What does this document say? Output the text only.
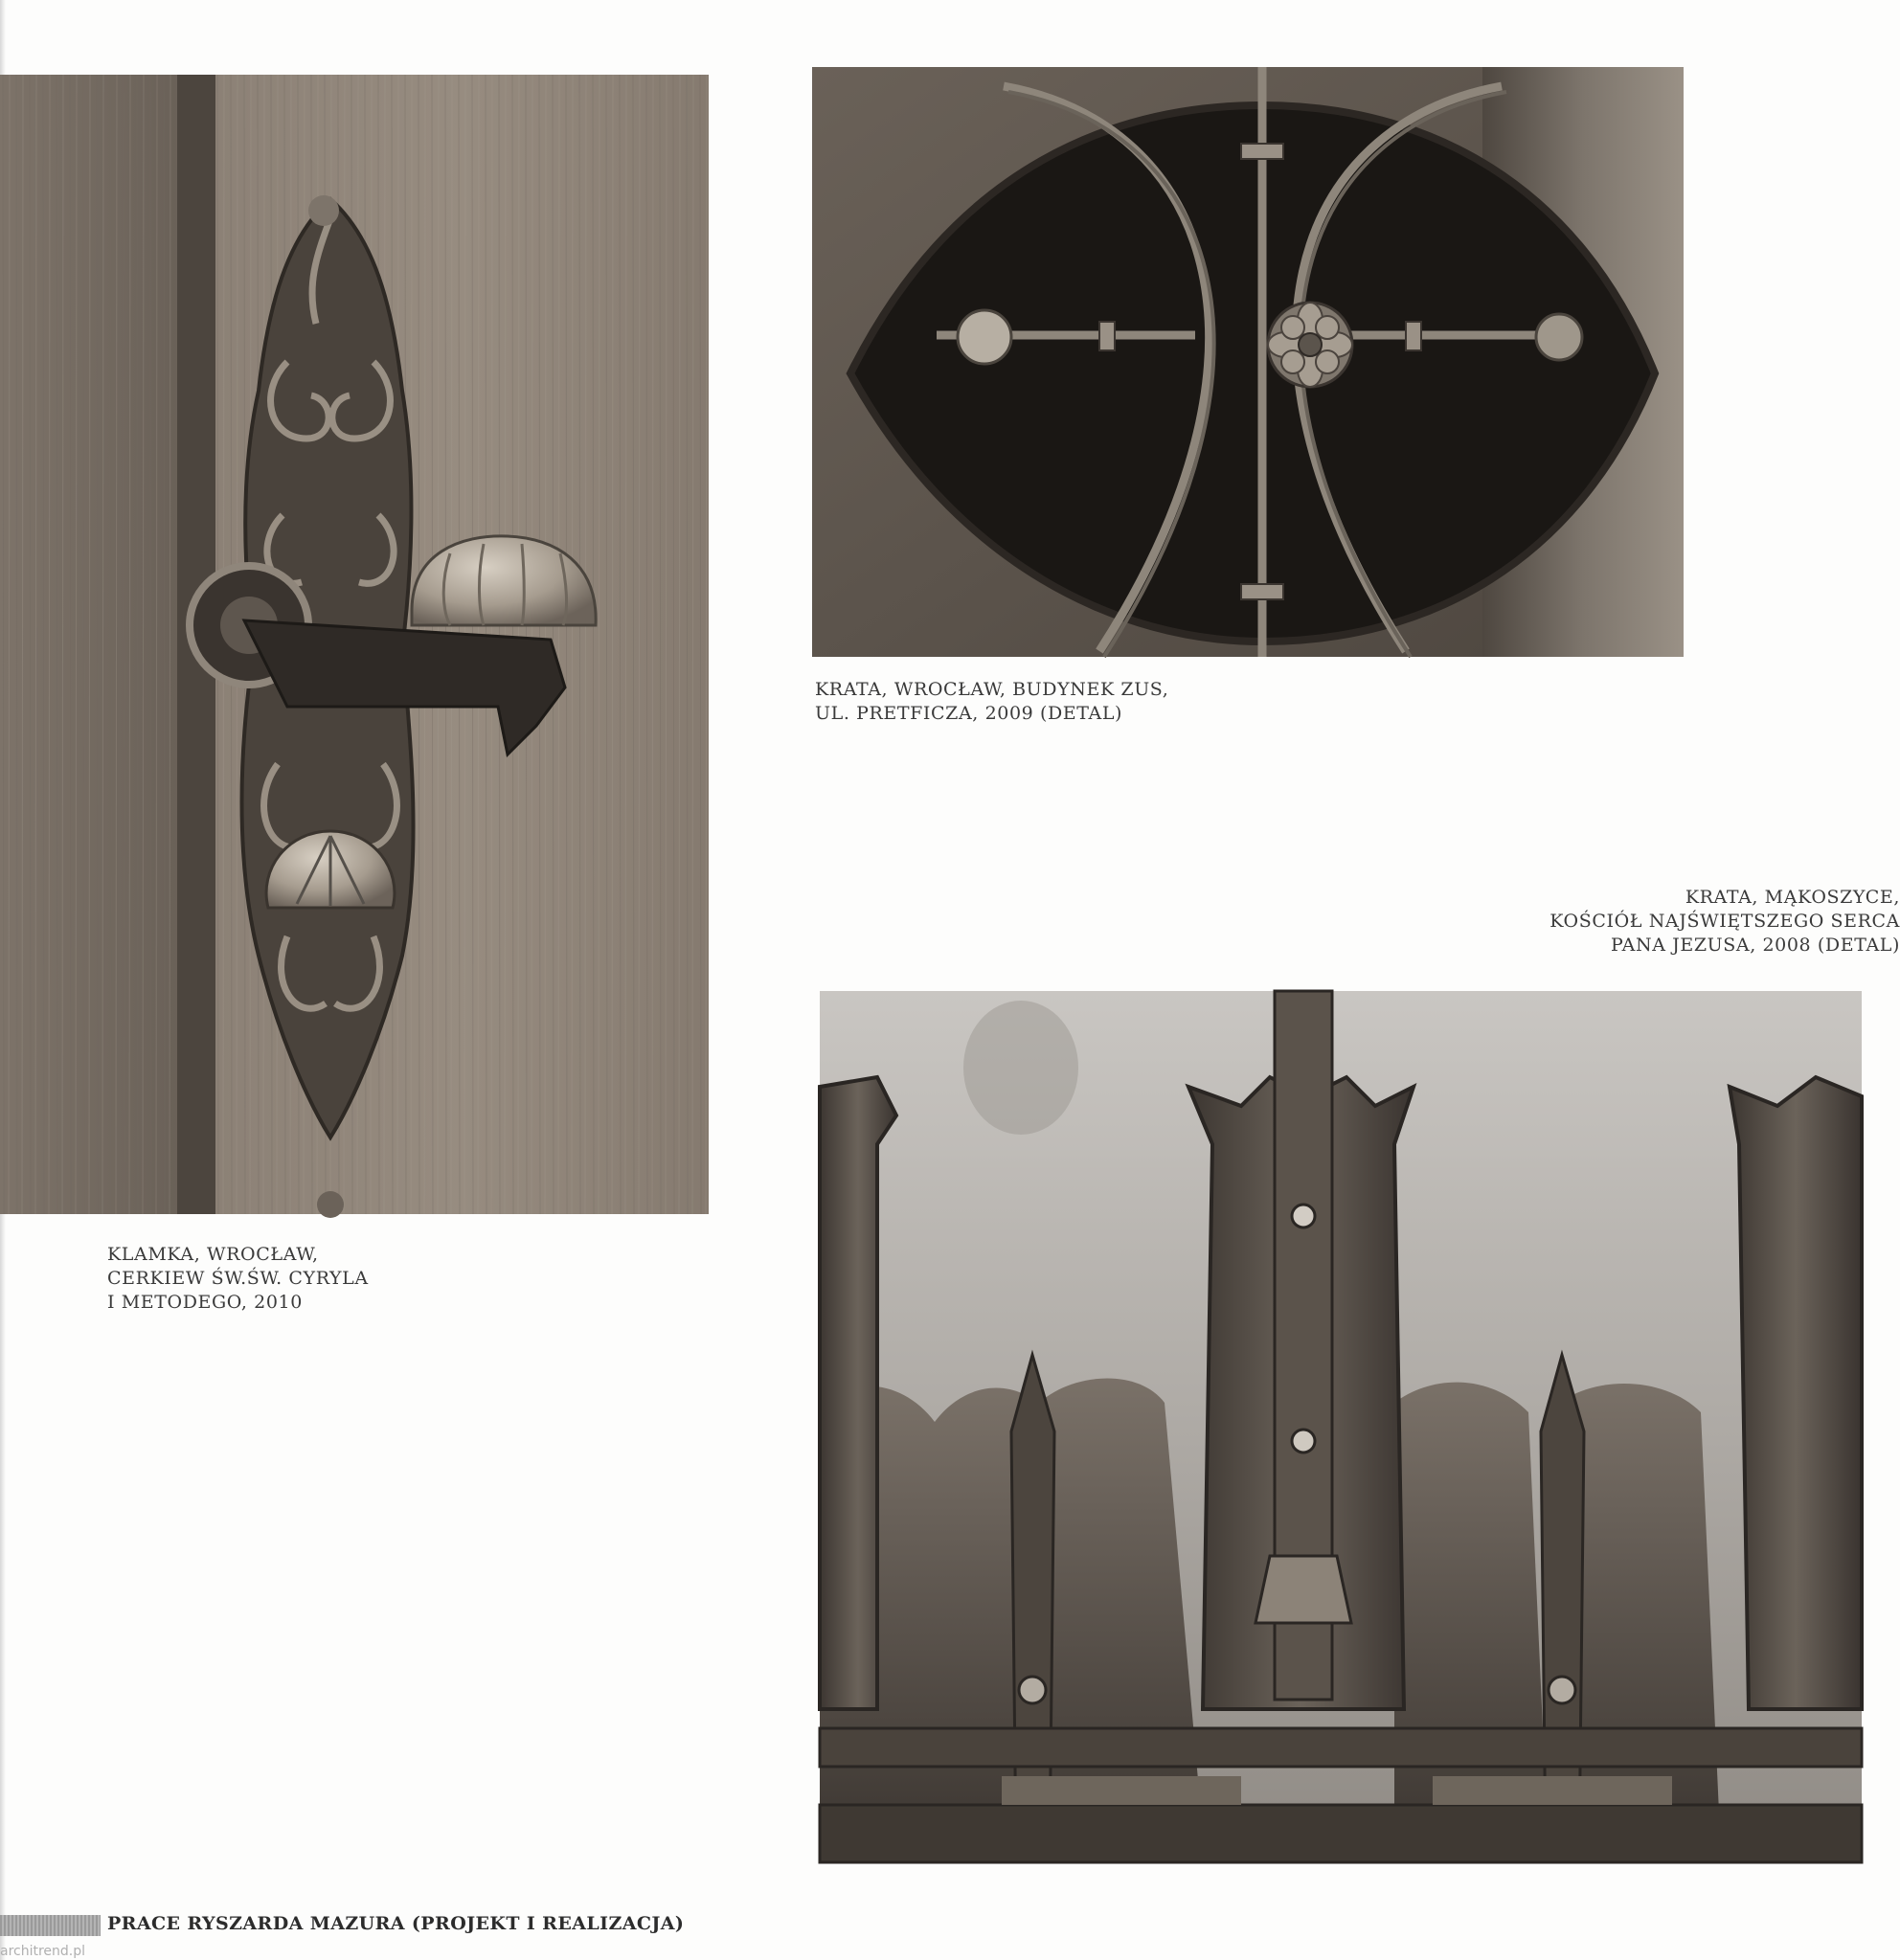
KRATA, WROCŁAW, BUDYNEK ZUS,
UL. PRETFICZA, 2009 (DETAL)
KLAMKA, WROCŁAW,
CERKIEW ŚW.ŚW. CYRYLA
I METODEGO, 2010
KRATA, MĄKOSZYCE,
KOŚCIÓŁ NAJŚWIĘTSZEGO SERCA
PANA JEZUSA, 2008 (DETAL)
PRACE RYSZARDA MAZURA (PROJEKT I REALIZACJA)
architrend.pl
